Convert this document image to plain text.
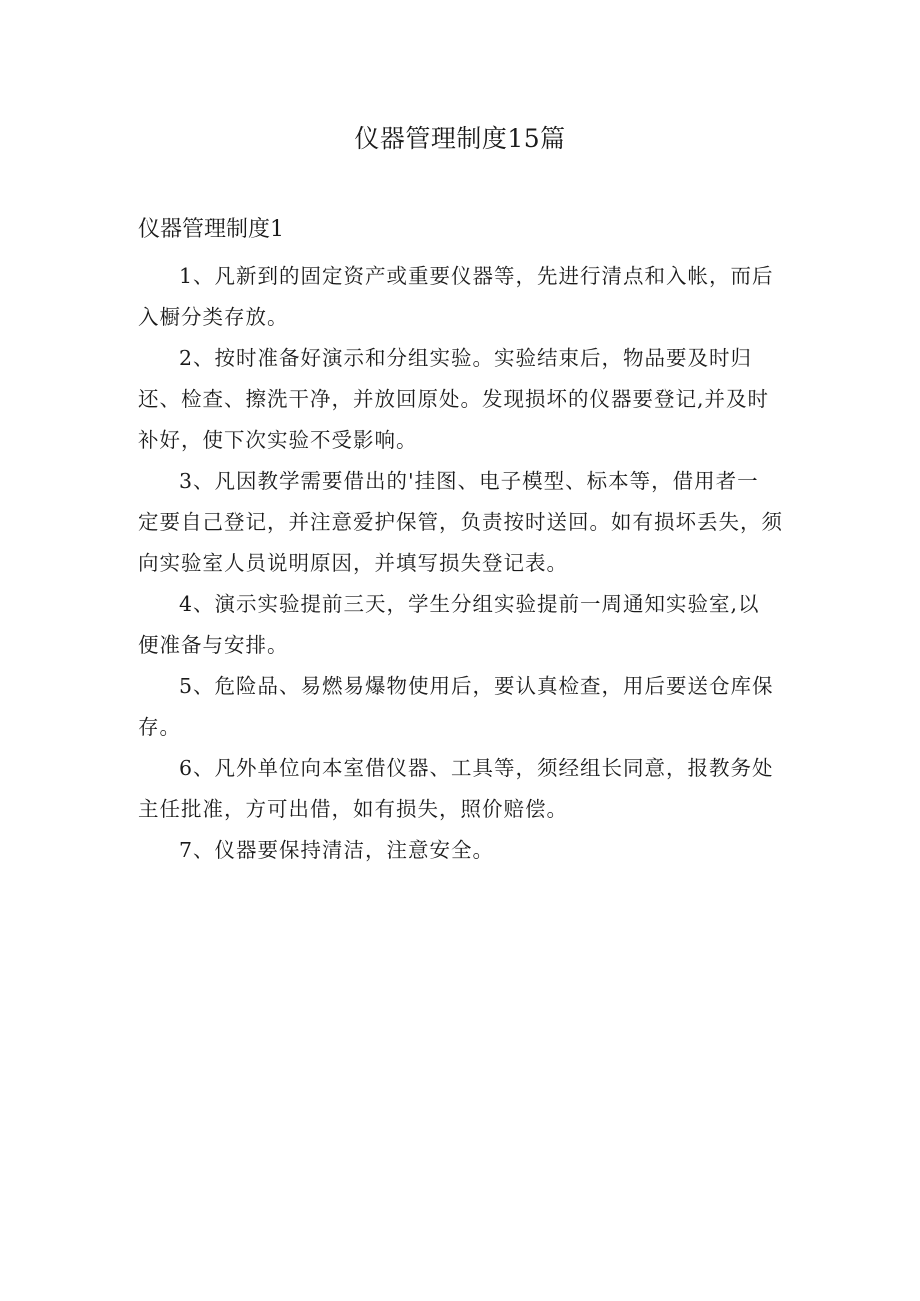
仪器管理制度15篇
仪器管理制度1

1、凡新到的固定资产或重要仪器等，先进行清点和入帐，而后
入橱分类存放。

2、按时准备好演示和分组实验。实验结束后，物品要及时归
还、检查、擦洗干净，并放回原处。发现损坏的仪器要登记,并及时
补好，使下次实验不受影响。

3、凡因教学需要借出的'挂图、电子模型、标本等，借用者一
定要自己登记，并注意爱护保管，负责按时送回。如有损坏丢失，须
向实验室人员说明原因，并填写损失登记表。

4、演示实验提前三天，学生分组实验提前一周通知实验室,以
便准备与安排。

5、危险品、易燃易爆物使用后，要认真检查，用后要送仓库保
存。

6、凡外单位向本室借仪器、工具等，须经组长同意，报教务处
主任批准，方可出借，如有损失，照价赔偿。

7、仪器要保持清洁，注意安全。
